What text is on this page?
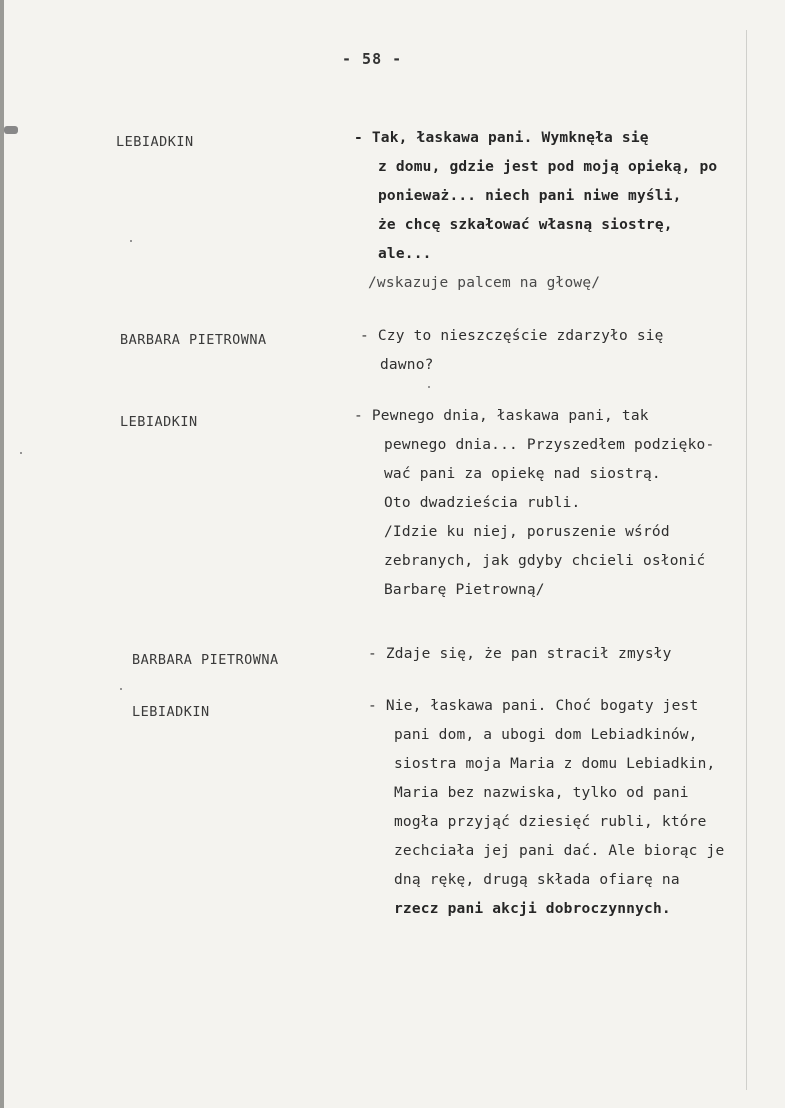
- 58 -
LEBIADKIN	- Tak, łaskawa pani. Wymknęła się
z domu, gdzie jest pod moją opieką, po
ponieważ... niech pani niwe myśli,
że chcę szkałować własną siostrę,
ale...
/wskazuje palcem na głowę/
BARBARA PIETROWNA	- Czy to nieszczęście zdarzyło się
dawno?
LEBIADKIN	- Pewnego dnia, łaskawa pani, tak
pewnego dnia... Przyszedłem podzięko-
wać pani za opiekę nad siostrą.
Oto dwadzieścia rubli.
/Idzie ku niej, poruszenie wśród
zebranych, jak gdyby chcieli osłonić
Barbarę Pietrowną/
BARBARA PIETROWNA	- Zdaje się, że pan stracił zmysły
LEBIADKIN	- Nie, łaskawa pani. Choć bogaty jest
pani dom, a ubogi dom Lebiadkinów,
siostra moja Maria z domu Lebiadkin,
Maria bez nazwiska, tylko od pani
mogła przyjąć dziesięć rubli, które
zechciała jej pani dać. Ale biorąc je
dną rękę, drugą składa ofiarę na
rzecz pani akcji dobroczynnych.
